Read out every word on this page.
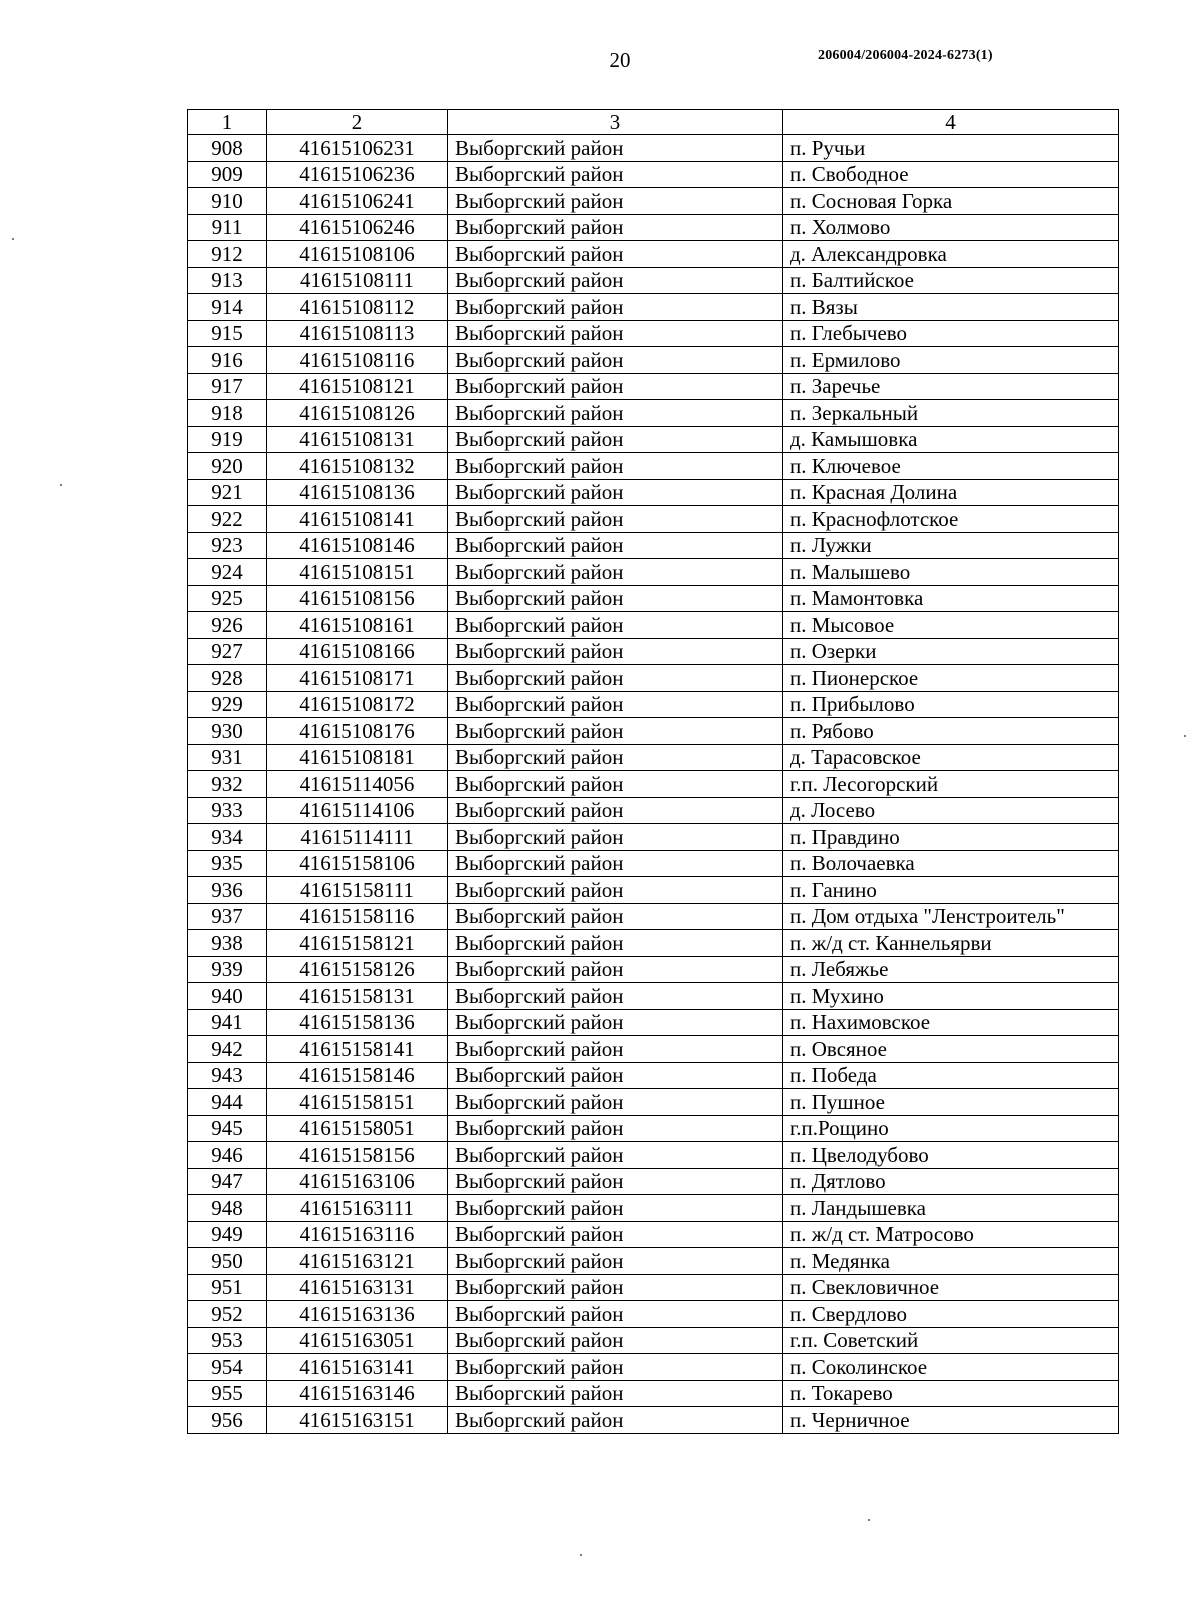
20	206004/206004-2024-6273(1)
1	2	3	4
908	41615106231	Выборгский район	п. Ручьи
909	41615106236	Выборгский район	п. Свободное
910	41615106241	Выборгский район	п. Сосновая Горка
911	41615106246	Выборгский район	п. Холмово
912	41615108106	Выборгский район	д. Александровка
913	41615108111	Выборгский район	п. Балтийское
914	41615108112	Выборгский район	п. Вязы
915	41615108113	Выборгский район	п. Глебычево
916	41615108116	Выборгский район	п. Ермилово
917	41615108121	Выборгский район	п. Заречье
918	41615108126	Выборгский район	п. Зеркальный
919	41615108131	Выборгский район	д. Камышовка
920	41615108132	Выборгский район	п. Ключевое
921	41615108136	Выборгский район	п. Красная Долина
922	41615108141	Выборгский район	п. Краснофлотское
923	41615108146	Выборгский район	п. Лужки
924	41615108151	Выборгский район	п. Малышево
925	41615108156	Выборгский район	п. Мамонтовка
926	41615108161	Выборгский район	п. Мысовое
927	41615108166	Выборгский район	п. Озерки
928	41615108171	Выборгский район	п. Пионерское
929	41615108172	Выборгский район	п. Прибылово
930	41615108176	Выборгский район	п. Рябово
931	41615108181	Выборгский район	д. Тарасовское
932	41615114056	Выборгский район	г.п. Лесогорский
933	41615114106	Выборгский район	д. Лосево
934	41615114111	Выборгский район	п. Правдино
935	41615158106	Выборгский район	п. Волочаевка
936	41615158111	Выборгский район	п. Ганино
937	41615158116	Выборгский район	п. Дом отдыха "Ленстроитель"
938	41615158121	Выборгский район	п. ж/д ст. Каннельярви
939	41615158126	Выборгский район	п. Лебяжье
940	41615158131	Выборгский район	п. Мухино
941	41615158136	Выборгский район	п. Нахимовское
942	41615158141	Выборгский район	п. Овсяное
943	41615158146	Выборгский район	п. Победа
944	41615158151	Выборгский район	п. Пушное
945	41615158051	Выборгский район	г.п.Рощино
946	41615158156	Выборгский район	п. Цвелодубово
947	41615163106	Выборгский район	п. Дятлово
948	41615163111	Выборгский район	п. Ландышевка
949	41615163116	Выборгский район	п. ж/д ст. Матросово
950	41615163121	Выборгский район	п. Медянка
951	41615163131	Выборгский район	п. Свекловичное
952	41615163136	Выборгский район	п. Свердлово
953	41615163051	Выборгский район	г.п. Советский
954	41615163141	Выборгский район	п. Соколинское
955	41615163146	Выборгский район	п. Токарево
956	41615163151	Выборгский район	п. Черничное
